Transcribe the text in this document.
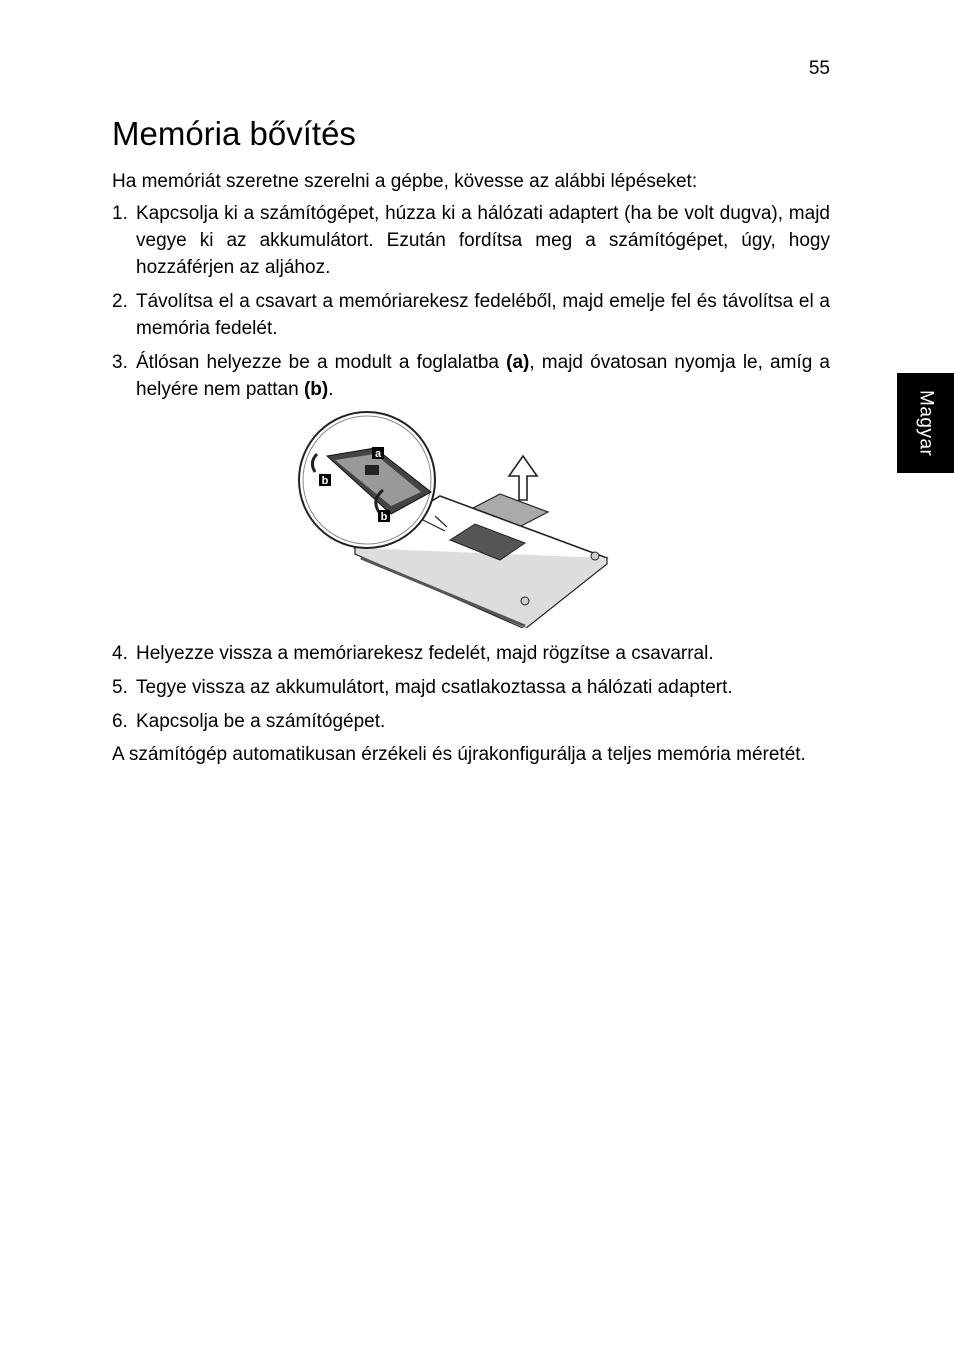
55
Memória bővítés
Magyar

Ha memóriát szeretne szerelni a gépbe, kövesse az alábbi lépéseket:

1. Kapcsolja ki a számítógépet, húzza ki a hálózati adaptert (ha be volt dugva), majd vegye ki az akkumulátort. Ezután fordítsa meg a számítógépet, úgy, hogy hozzáférjen az aljához.
2. Távolítsa el a csavart a memóriarekesz fedeléből, majd emelje fel és távolítsa el a memória fedelét.
3. Átlósan helyezze be a modult a foglalatba (a), majd óvatosan nyomja le, amíg a helyére nem pattan (b).
a
b
b
4. Helyezze vissza a memóriarekesz fedelét, majd rögzítse a csavarral.
5. Tegye vissza az akkumulátort, majd csatlakoztassa a hálózati adaptert.
6. Kapcsolja be a számítógépet.

A számítógép automatikusan érzékeli és újrakonfigurálja a teljes memória méretét.
